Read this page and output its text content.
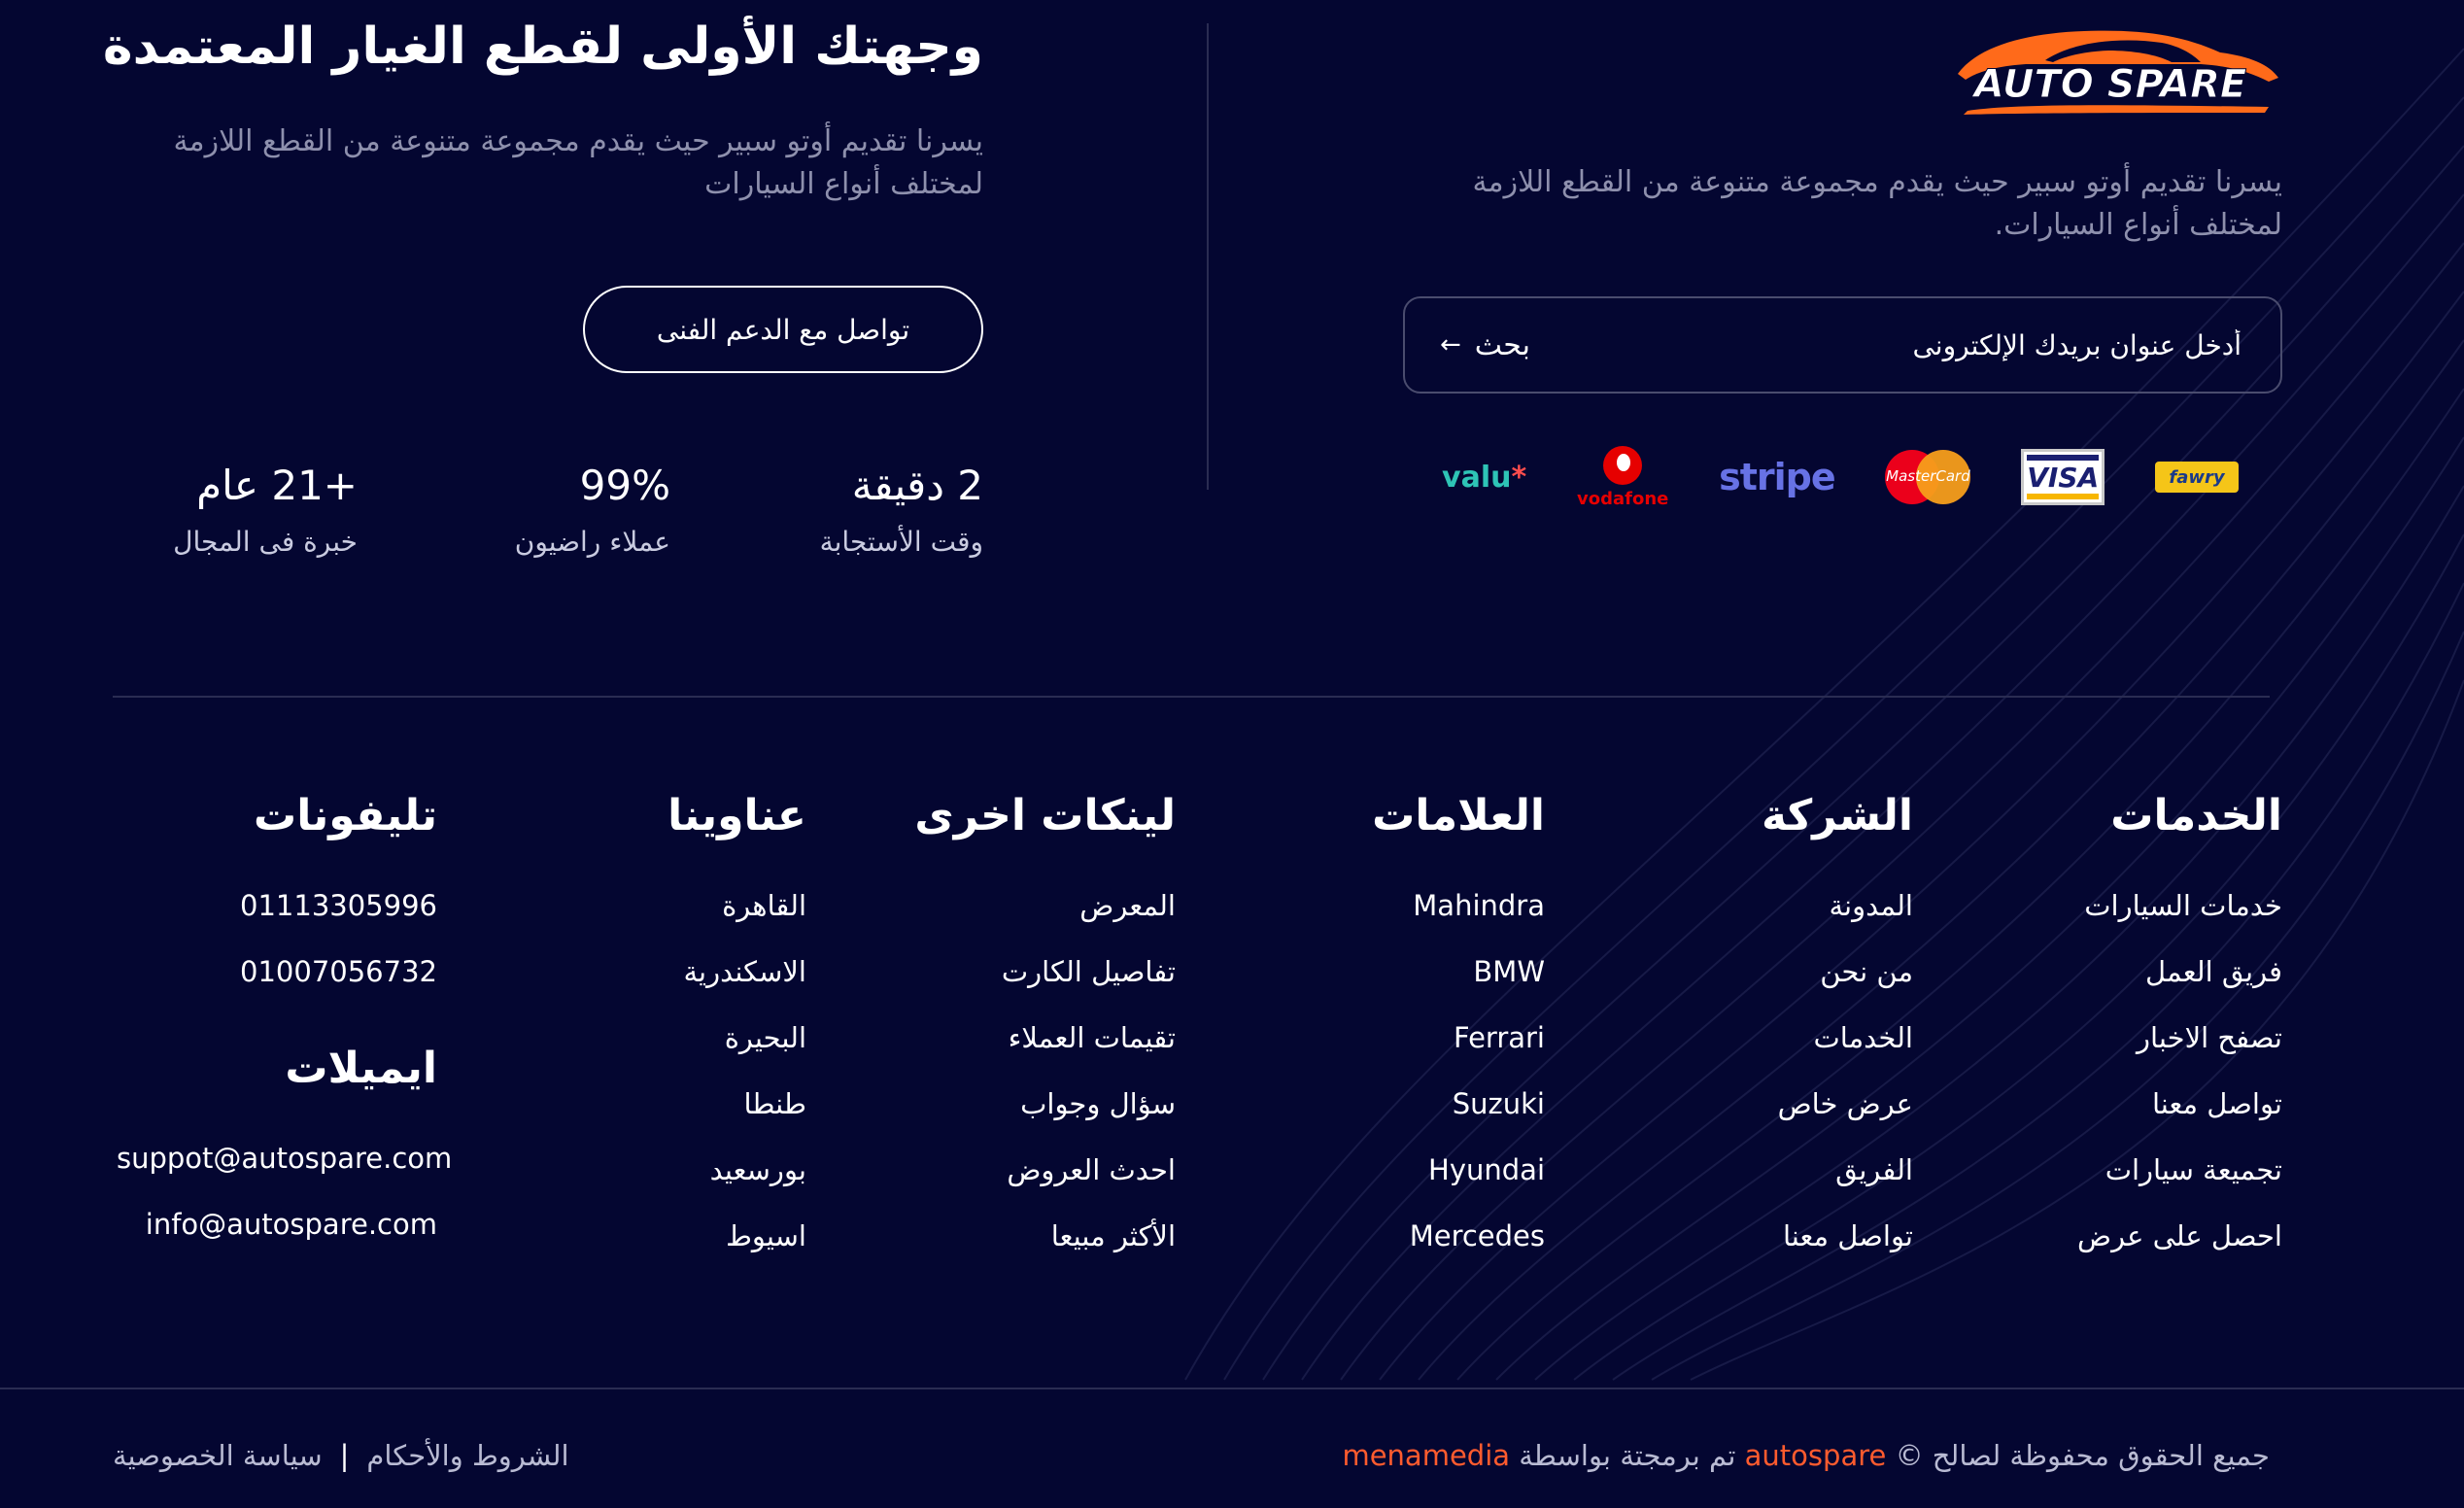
AUTO SPARE

يسرنا تقديم أوتو سبير حيث يقدم مجموعة متنوعة من القطع اللازمة لمختلف أنواع السيارات.

أدخل عنوان بريدك الإلكترونى
بحث
←
fawry
VISA
MasterCard
stripe
vodafone
valu *
وجهتك الأولى لقطع الغيار المعتمدة

يسرنا تقديم أوتو سبير حيث يقدم مجموعة متنوعة من القطع اللازمة لمختلف أنواع السيارات

تواصل مع الدعم الفنى
2 دقيقة
وقت الأستجابة
99%
عملاء راضيون
+21 عام
خبرة فى المجال
الخدمات
خدمات السيارات
فريق العمل
تصفح الاخبار
تواصل معنا
تجميعة سيارات
احصل على عرض
الشركة
المدونة
من نحن
الخدمات
عرض خاص
الفريق
تواصل معنا
العلامات
Mahindra
BMW
Ferrari
Suzuki
Hyundai
Mercedes
لينكات اخرى
المعرض
تفاصيل الكارت
تقيمات العملاء
سؤال وجواب
احدث العروض
الأكثر مبيعا
عناوينا
القاهرة
الاسكندرية
البحيرة
طنطا
بورسعيد
اسيوط
تليفونات
01113305996
01007056732
ايميلات
suppot@autospare.com
info@autospare.com
جميع الحقوق محفوظة لصالح © autospare تم برمجتة بواسطة menamedia
الشروط والأحكام
|
سياسة الخصوصية
